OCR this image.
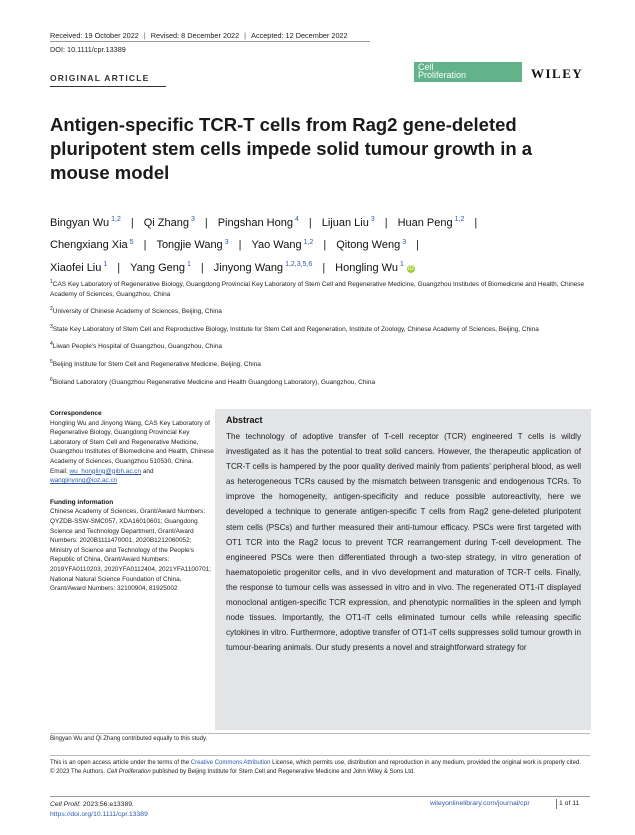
Received: 19 October 2022 | Revised: 8 December 2022 | Accepted: 12 December 2022
DOI: 10.1111/cpr.13389
ORIGINAL ARTICLE
Cell
Proliferation	WILEY
Antigen-specific TCR-T cells from Rag2 gene-deleted pluripotent stem cells impede solid tumour growth in a mouse model
Bingyan Wu $^{1,2}$ | Qi Zhang $^3$ | Pingshan Hong $^4$ | Lijuan Liu $^3$ | Huan Peng $^{1,2}$ |
Chengxiang Xia $^5$ | Tongjie Wang $^3$ | Yao Wang $^{1,2}$ | Qitong Weng $^3$ |
Xiaofei Liu $^1$ | Yang Geng $^1$ | Jinyong Wang $^{1,2,3,5,6}$ | Hongling Wu $^1$iD
$^1$CAS Key Laboratory of Regenerative Biology, Guangdong Provincial Key Laboratory of Stem Cell and Regenerative Medicine, Guangzhou Institutes of Biomedicine and Health, Chinese Academy of Sciences, Guangzhou, China
$^2$University of Chinese Academy of Sciences, Beijing, China
$^3$State Key Laboratory of Stem Cell and Reproductive Biology, Institute for Stem Cell and Regeneration, Institute of Zoology, Chinese Academy of Sciences, Beijing, China
$^4$Liwan People's Hospital of Guangzhou, Guangzhou, China
$^5$Beijing Institute for Stem Cell and Regenerative Medicine, Beijing, China
$^6$Bioland Laboratory (Guangzhou Regenerative Medicine and Health Guangdong Laboratory), Guangzhou, China
Correspondence
Hongling Wu and Jinyong Wang, CAS Key Laboratory of Regenerative Biology, Guangdong Provincial Key Laboratory of Stem Cell and Regenerative Medicine, Guangzhou Institutes of Biomedicine and Health, Chinese Academy of Sciences, Guangzhou 510530, China.
Email: wu_hongling@gibh.ac.cn and wangjinyong@ioz.ac.cn
Funding information
Chinese Academy of Sciences, Grant/Award Numbers: QYZDB-SSW-SMC057, XDA16010601; Guangdong Science and Technology Department, Grant/Award Numbers: 2020B1111470001, 2020B1212060052; Ministry of Science and Technology of the People's Republic of China, Grant/Award Numbers: 2019YFA0110203, 2020YFA0112404, 2021YFA1100701; National Natural Science Foundation of China, Grant/Award Numbers: 32100904, 81925002
Abstract
The technology of adoptive transfer of T-cell receptor (TCR) engineered T cells is wildly investigated as it has the potential to treat solid cancers. However, the therapeutic application of TCR-T cells is hampered by the poor quality derived mainly from patients' peripheral blood, as well as heterogeneous TCRs caused by the mismatch between transgenic and endogenous TCRs. To improve the homogeneity, antigen-specificity and reduce possible autoreactivity, here we developed a technique to generate antigen-specific T cells from Rag2 gene-deleted pluripotent stem cells (PSCs) and further measured their anti-tumour efficacy. PSCs were first targeted with OT1 TCR into the Rag2 locus to prevent TCR rearrangement during T-cell development. The engineered PSCs were then differentiated through a two-step strategy, in vitro generation of haematopoietic progenitor cells, and in vivo development and maturation of TCR-T cells. Finally, the response to tumour cells was assessed in vitro and in vivo. The regenerated OT1-iT displayed monoclonal antigen-specific TCR expression, and phenotypic normalities in the spleen and lymph node tissues. Importantly, the OT1-iT cells eliminated tumour cells while releasing specific cytokines in vitro. Furthermore, adoptive transfer of OT1-iT cells suppresses solid tumour growth in tumour-bearing animals. Our study presents a novel and straightforward strategy for
Bingyan Wu and Qi Zhang contributed equally to this study.
This is an open access article under the terms of the Creative Commons Attribution License, which permits use, distribution and reproduction in any medium, provided the original work is properly cited.
© 2023 The Authors. Cell Proliferation published by Beijing Institute for Stem Cell and Regenerative Medicine and John Wiley & Sons Ltd.
Cell Prolif. 2023;56:e13389.
https://doi.org/10.1111/cpr.13389
wileyonlinelibrary.com/journal/cpr	1 of 11
